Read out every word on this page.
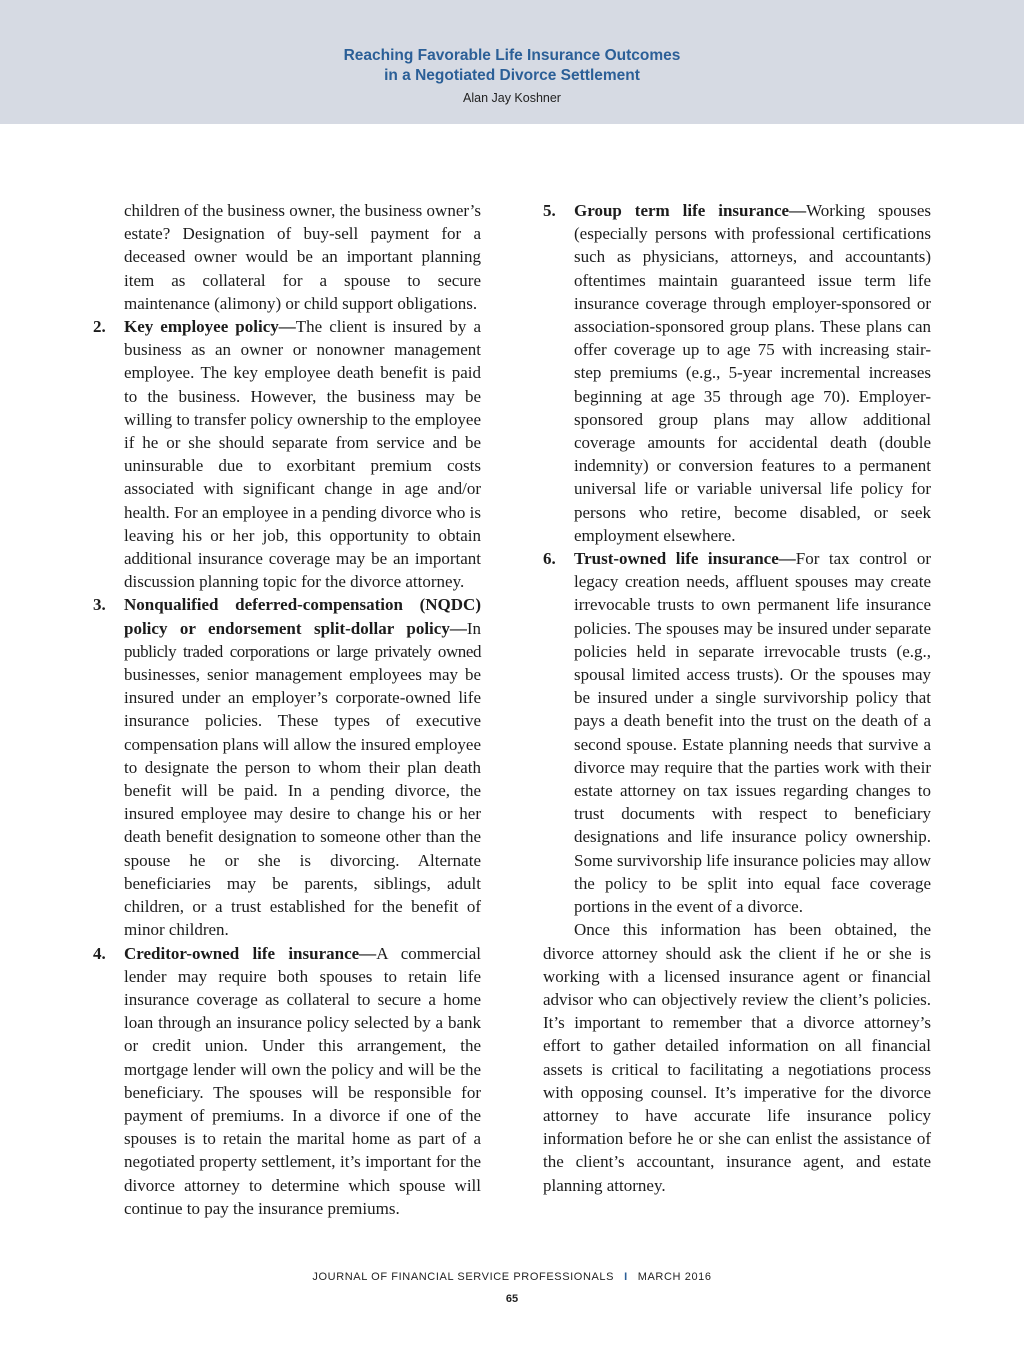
Reaching Favorable Life Insurance Outcomes
in a Negotiated Divorce Settlement
Alan Jay Koshner

children of the business owner, the business owner’s estate? Designation of buy-sell payment for a deceased owner would be an important planning item as collateral for a spouse to secure maintenance (alimony) or child support obligations.

2. Key employee policy—The client is insured by a business as an owner or nonowner management employee. The key employee death benefit is paid to the business. However, the business may be willing to transfer policy ownership to the employee if he or she should separate from service and be uninsurable due to exorbitant premium costs associated with significant change in age and/or health. For an employee in a pending divorce who is leaving his or her job, this opportunity to obtain additional insurance coverage may be an important discussion planning topic for the divorce attorney.
3. Nonqualified deferred-compensation (NQDC) policy or endorsement split-dollar policy—In publicly traded corporations or large privately owned businesses, senior management employees may be insured under an employer’s corporate-owned life insurance policies. These types of executive compensation plans will allow the insured employee to designate the person to whom their plan death benefit will be paid. In a pending divorce, the insured employee may desire to change his or her death benefit designation to someone other than the spouse he or she is divorcing. Alternate beneficiaries may be parents, siblings, adult children, or a trust established for the benefit of minor children.
4. Creditor-owned life insurance—A commercial lender may require both spouses to retain life insurance coverage as collateral to secure a home loan through an insurance policy selected by a bank or credit union. Under this arrangement, the mortgage lender will own the policy and will be the beneficiary. The spouses will be responsible for payment of premiums. In a divorce if one of the spouses is to retain the marital home as part of a negotiated property settlement, it’s important for the divorce attorney to determine which spouse will continue to pay the insurance premiums.
5. Group term life insurance—Working spouses (especially persons with professional certifications such as physicians, attorneys, and accountants) oftentimes maintain guaranteed issue term life insurance coverage through employer-sponsored or association-sponsored group plans. These plans can offer coverage up to age 75 with increasing stair-step premiums (e.g., 5-year incremental increases beginning at age 35 through age 70). Employer-sponsored group plans may allow additional coverage amounts for accidental death (double indemnity) or conversion features to a permanent universal life or variable universal life policy for persons who retire, become disabled, or seek employment elsewhere.
6. Trust-owned life insurance—For tax control or legacy creation needs, affluent spouses may create irrevocable trusts to own permanent life insurance policies. The spouses may be insured under separate policies held in separate irrevocable trusts (e.g., spousal limited access trusts). Or the spouses may be insured under a single survivorship policy that pays a death benefit into the trust on the death of a second spouse. Estate planning needs that survive a divorce may require that the parties work with their estate attorney on tax issues regarding changes to trust documents with respect to beneficiary designations and life insurance policy ownership. Some survivorship life insurance policies may allow the policy to be split into equal face coverage portions in the event of a divorce.

Once this information has been obtained, the divorce attorney should ask the client if he or she is working with a licensed insurance agent or financial advisor who can objectively review the client’s policies. It’s important to remember that a divorce attorney’s effort to gather detailed information on all financial assets is critical to facilitating a negotiations process with opposing counsel. It’s imperative for the divorce attorney to have accurate life insurance policy information before he or she can enlist the assistance of the client’s accountant, insurance agent, and estate planning attorney.

JOURNAL OF FINANCIAL SERVICE PROFESSIONALS I MARCH 2016
65
